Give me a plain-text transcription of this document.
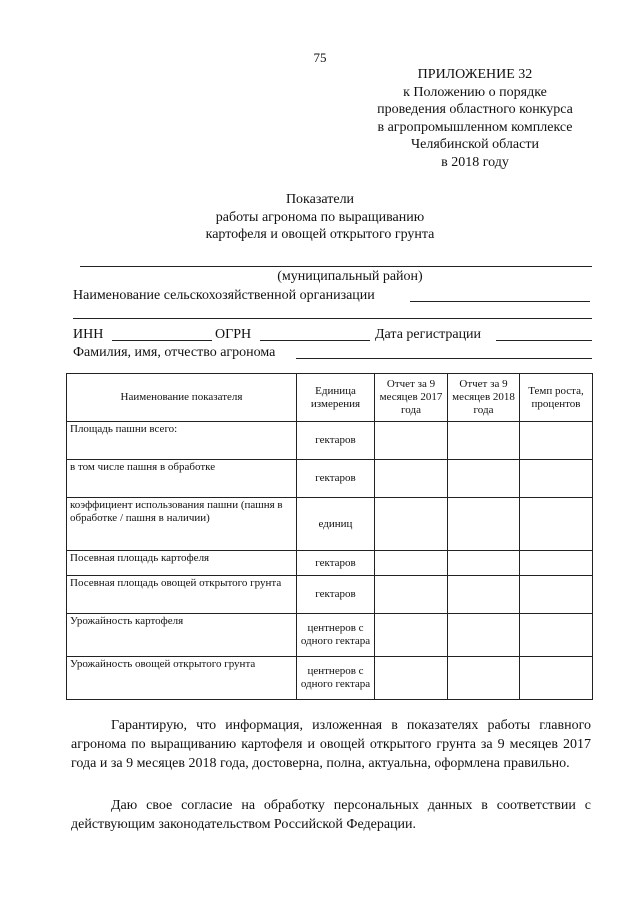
75
ПРИЛОЖЕНИЕ 32
к Положению о порядке
проведения областного конкурса
в агропромышленном комплексе
Челябинской области
в 2018 году
Показатели
работы агронома по выращиванию
картофеля и овощей открытого грунта
(муниципальный район)
Наименование сельскохозяйственной организации
ИНН	ОГРН	Дата регистрации
Фамилия, имя, отчество агронома
Наименование показателя	Единица измерения	Отчет за 9 месяцев 2017 года	Отчет за 9 месяцев 2018 года	Темп роста, процентов
Площадь пашни всего:	гектаров			
в том числе пашня в обработке	гектаров			
коэффициент использования пашни (пашня в обработке / пашня в наличии)	единиц			
Посевная площадь картофеля	гектаров			
Посевная площадь овощей открытого грунта	гектаров			
Урожайность картофеля	центнеров с одного гектара			
Урожайность овощей открытого грунта	центнеров с одного гектара			

Гарантирую, что информация, изложенная в показателях работы главного агронома по выращиванию картофеля и овощей открытого грунта за 9 месяцев 2017 года и за 9 месяцев 2018 года, достоверна, полна, актуальна, оформлена правильно.

Даю свое согласие на обработку персональных данных в соответствии с действующим законодательством Российской Федерации.
